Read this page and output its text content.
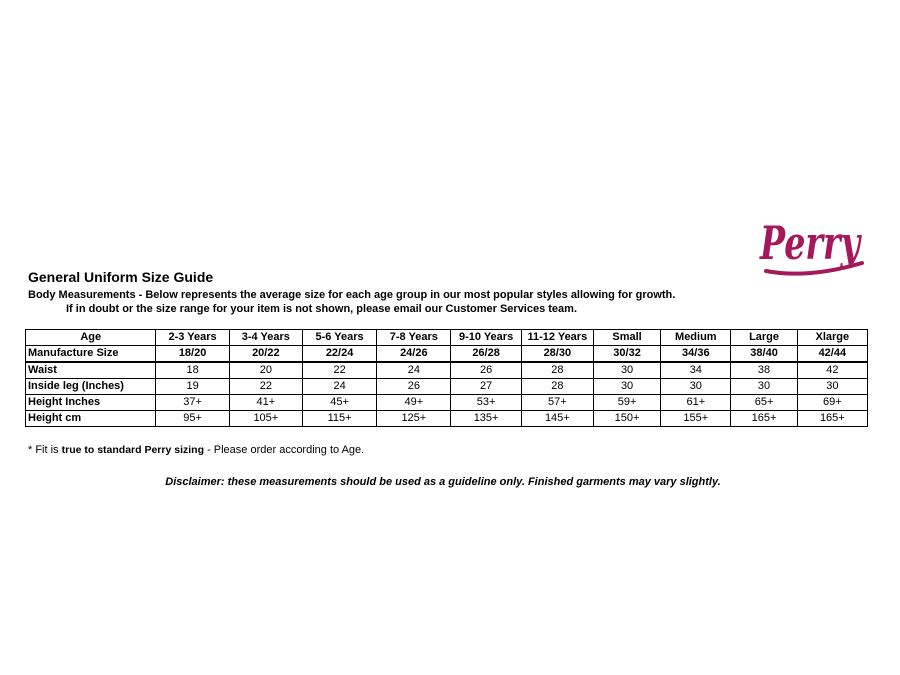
Perry
General Uniform Size Guide
Body Measurements - Below represents the average size for each age group in our most popular styles allowing for growth.
If in doubt or the size range for your item is not shown, please email our Customer Services team.
Age	2-3 Years	3-4 Years	5-6 Years	7-8 Years	9-10 Years	11-12 Years	Small	Medium	Large	Xlarge
Manufacture Size	18/20	20/22	22/24	24/26	26/28	28/30	30/32	34/36	38/40	42/44
Waist	18	20	22	24	26	28	30	34	38	42
Inside leg (Inches)	19	22	24	26	27	28	30	30	30	30
Height Inches	37+	41+	45+	49+	53+	57+	59+	61+	65+	69+
Height cm	95+	105+	115+	125+	135+	145+	150+	155+	165+	165+
* Fit is true to standard Perry sizing - Please order according to Age.
Disclaimer: these measurements should be used as a guideline only. Finished garments may vary slightly.
